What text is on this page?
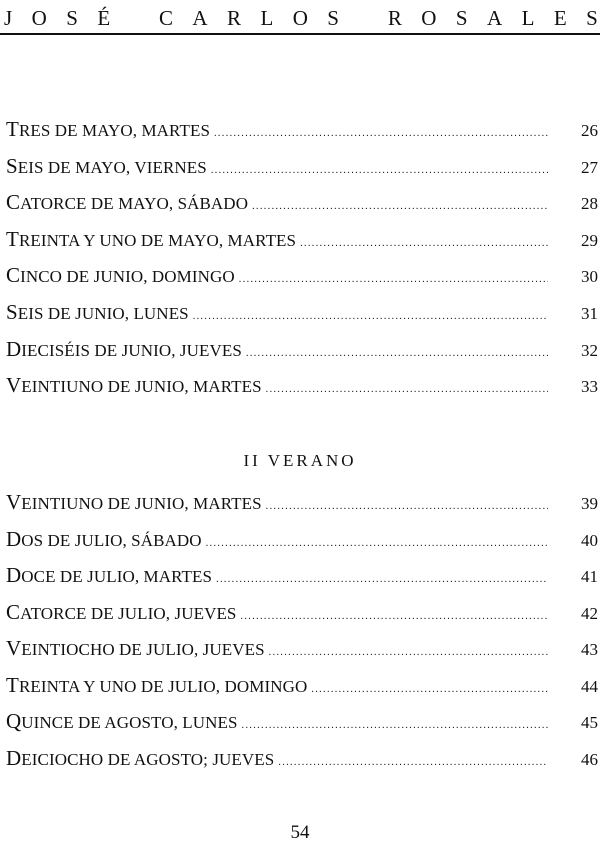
J O S É C A R L O S R O S A L E S
TRES DE MAYO, MARTES .....	26
SEIS DE MAYO, VIERNES .....	27
CATORCE DE MAYO, SÁBADO .....	28
TREINTA Y UNO DE MAYO, MARTES .....	29
CINCO DE JUNIO, DOMINGO .....	30
SEIS DE JUNIO, LUNES .....	31
DIECISÉIS DE JUNIO, JUEVES .....	32
VEINTIUNO DE JUNIO, MARTES .....	33
II VERANO
VEINTIUNO DE JUNIO, MARTES .....	39
DOS DE JULIO, SÁBADO .....	40
DOCE DE JULIO, MARTES .....	41
CATORCE DE JULIO, JUEVES .....	42
VEINTIOCHO DE JULIO, JUEVES .....	43
TREINTA Y UNO DE JULIO, DOMINGO .....	44
QUINCE DE AGOSTO, LUNES .....	45
DEICIOCHO DE AGOSTO; JUEVES .....	46
54
